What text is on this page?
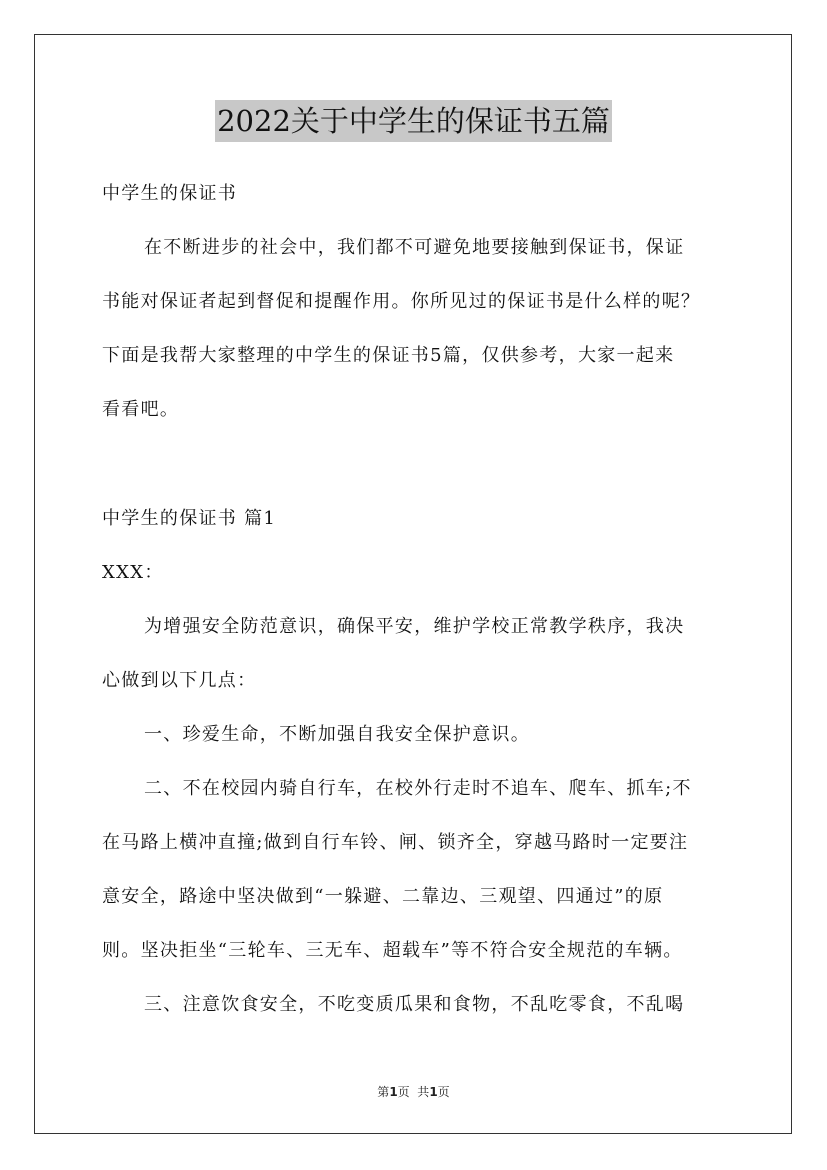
2022关于中学生的保证书五篇
中学生的保证书
在不断进步的社会中，我们都不可避免地要接触到保证书，保证
书能对保证者起到督促和提醒作用。你所见过的保证书是什么样的呢？
下面是我帮大家整理的中学生的保证书5篇，仅供参考，大家一起来
看看吧。
中学生的保证书 篇1
XXX：
为增强安全防范意识，确保平安，维护学校正常教学秩序，我决
心做到以下几点：
一、珍爱生命，不断加强自我安全保护意识。
二、不在校园内骑自行车，在校外行走时不追车、爬车、抓车;不
在马路上横冲直撞;做到自行车铃、闸、锁齐全，穿越马路时一定要注
意安全，路途中坚决做到“一躲避、二靠边、三观望、四通过”的原
则。坚决拒坐“三轮车、三无车、超载车”等不符合安全规范的车辆。
三、注意饮食安全，不吃变质瓜果和食物，不乱吃零食，不乱喝
第1页  共1页
